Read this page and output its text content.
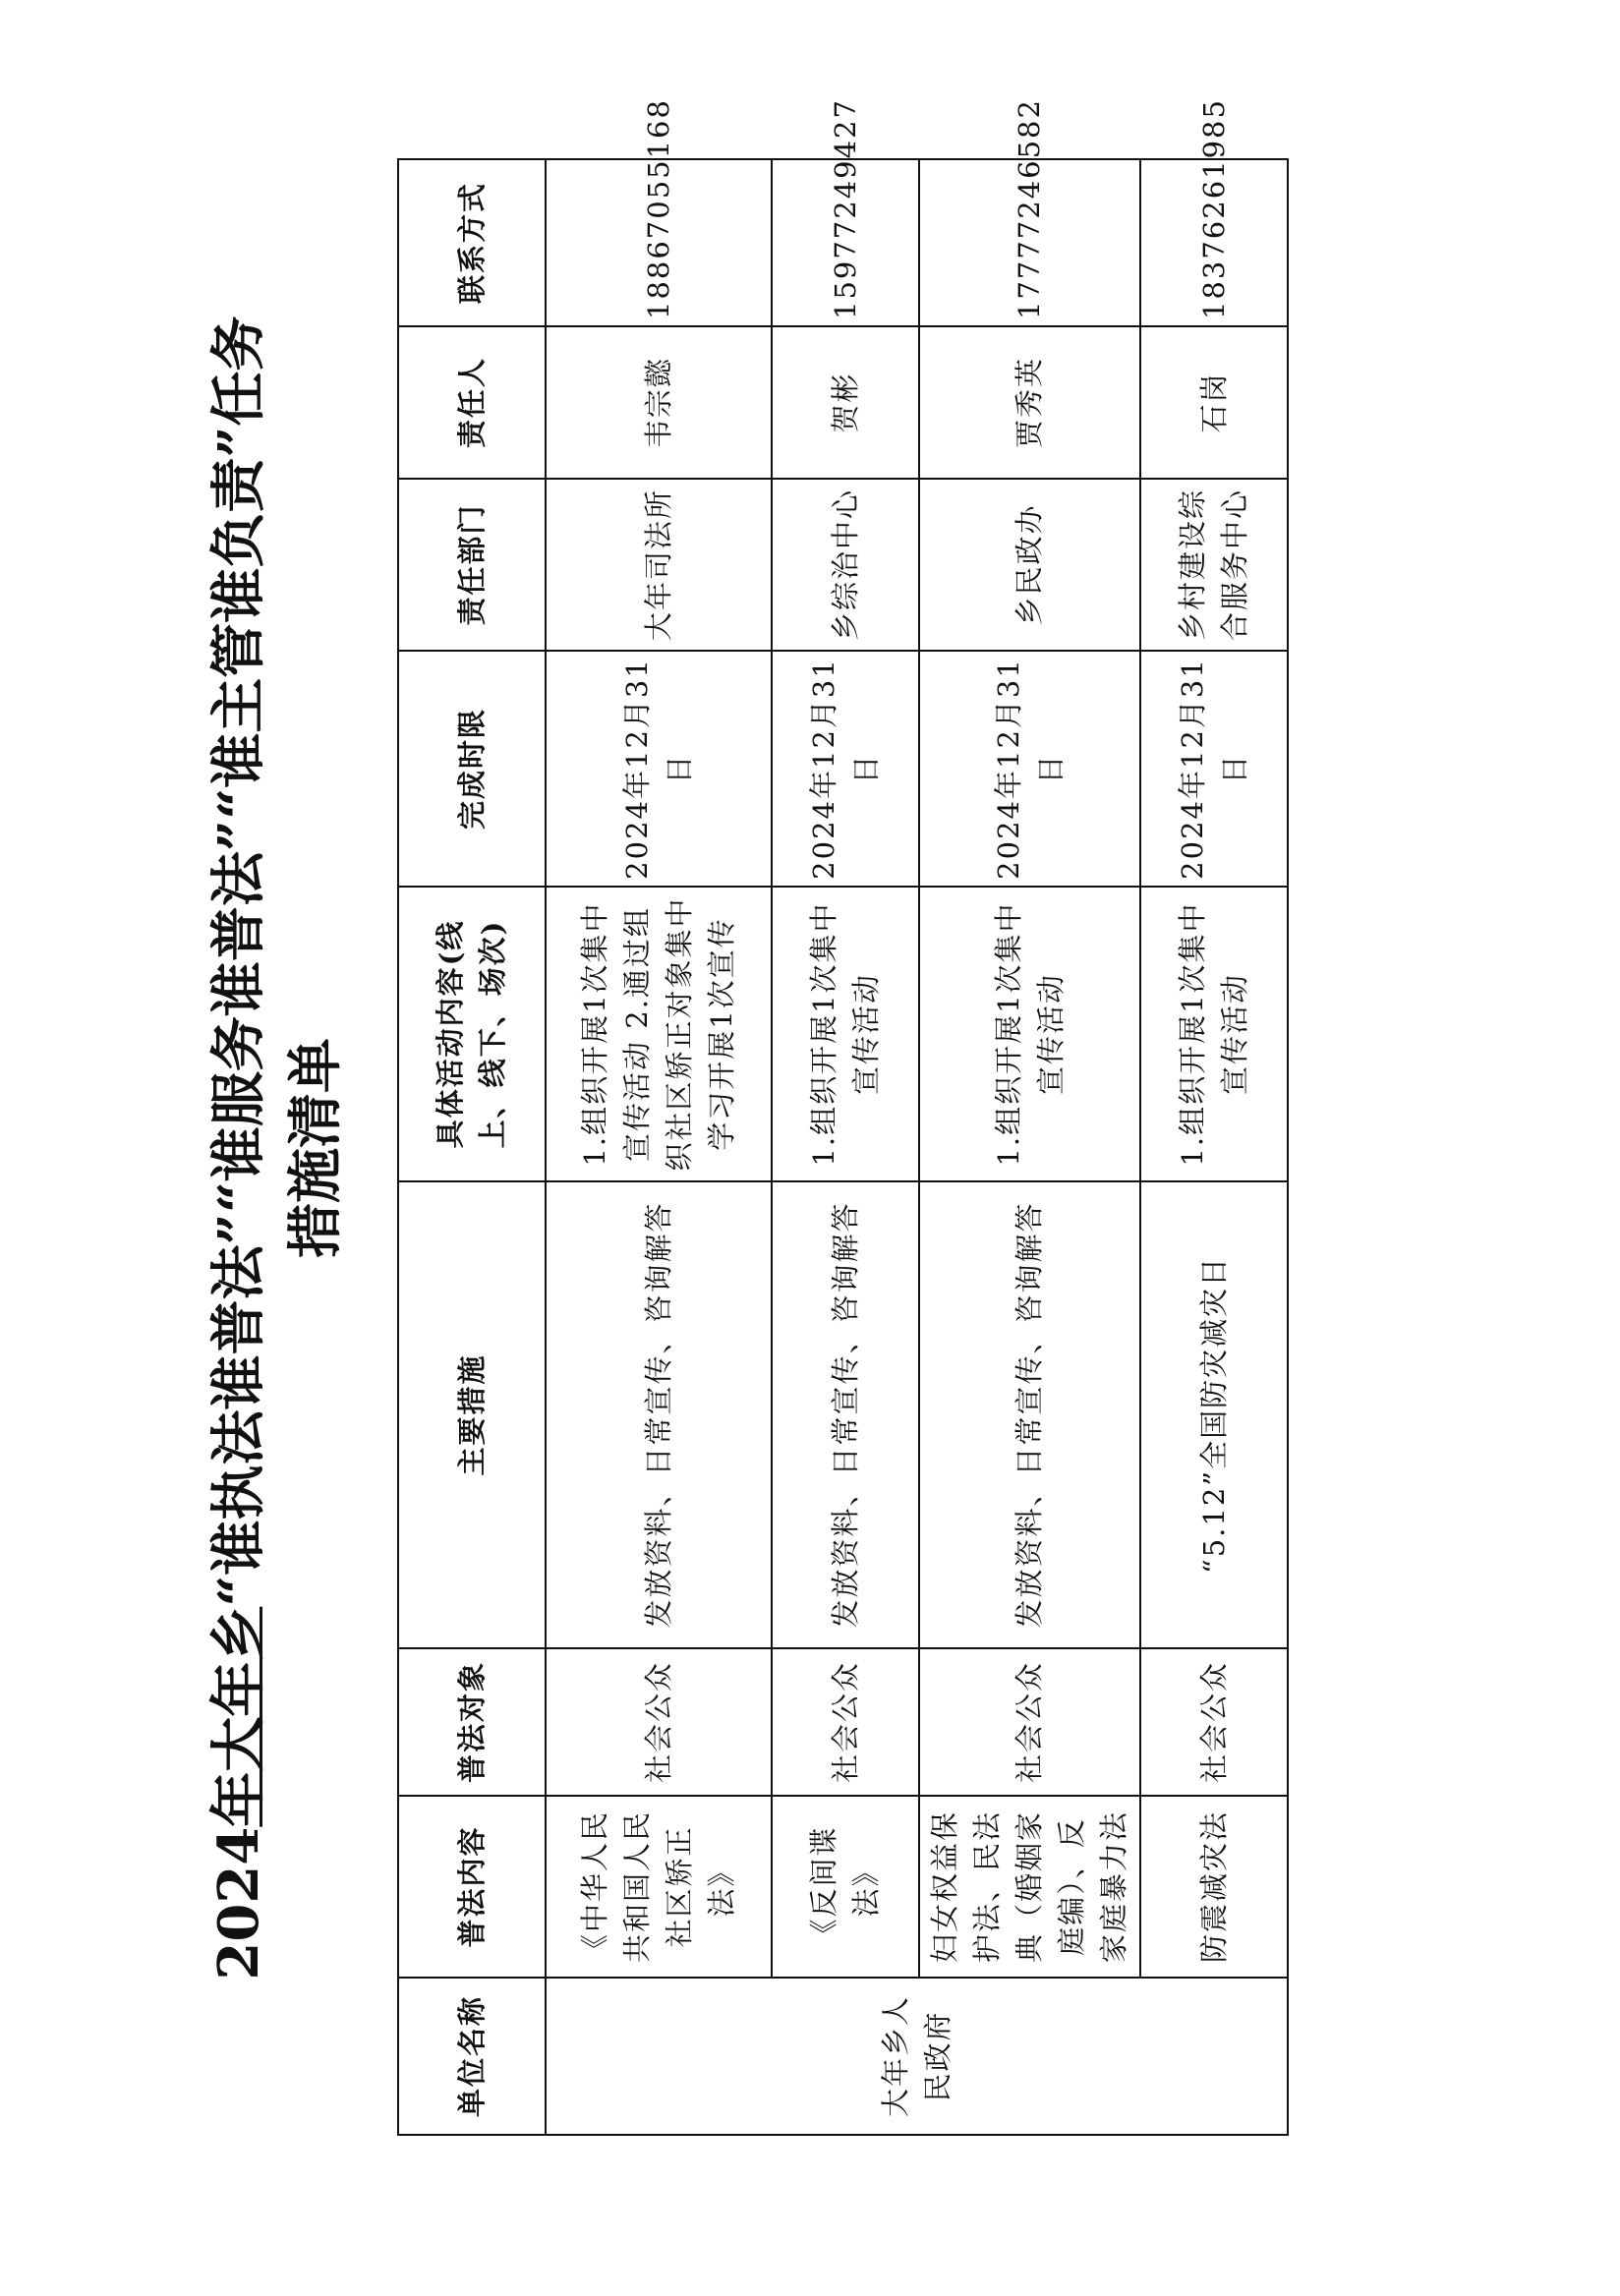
2024年大年乡“谁执法谁普法”“谁服务谁普法”“谁主管谁负责”任务 措施清单
单位名称	普法内容	普法对象	主要措施	具体活动内容(线上、线下、场次)	完成时限	责任部门	责任人	联系方式
大年乡人民政府	《中华人民共和国人民社区矫正法》	社会公众	发放资料、日常宣传、咨询解答	1.组织开展1次集中宣传活动 2.通过组织社区矫正对象集中学习开展1次宣传	2024年12月31日	大年司法所	韦宗懿	18867055168
	《反间谍法》	社会公众	发放资料、日常宣传、咨询解答	1.组织开展1次集中宣传活动	2024年12月31日	乡综治中心	贺彬	15977249427
	妇女权益保护法、民法典（婚姻家庭编）、反家庭暴力法	社会公众	发放资料、日常宣传、咨询解答	1.组织开展1次集中宣传活动	2024年12月31日	乡民政办	贾秀英	17777246582
	防震减灾法	社会公众	“5.12”全国防灾减灾日	1.组织开展1次集中宣传活动	2024年12月31日	乡村建设综合服务中心	石岗	18376261985
